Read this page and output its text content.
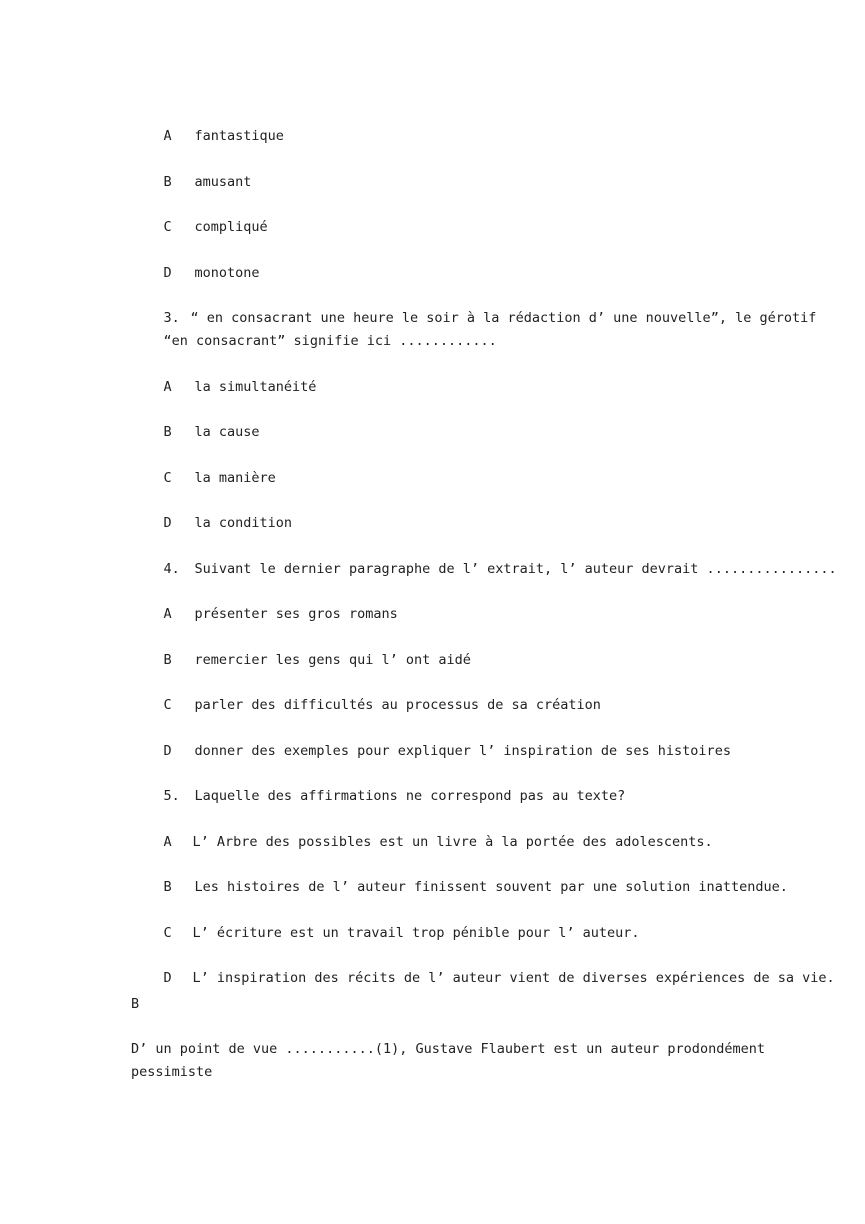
A fantastique

B amusant

C compliqué

D monotone

3. “ en consacrant une heure le soir à la rédaction d’ une nouvelle”, le gérotif

“en consacrant” signifie ici ............

A la simultanéité

B la cause

C la manière

D la condition

4. Suivant le dernier paragraphe de l’ extrait, l’ auteur devrait ................

A présenter ses gros romans

B remercier les gens qui l’ ont aidé

C parler des difficultés au processus de sa création

D donner des exemples pour expliquer l’ inspiration de ses histoires

5. Laquelle des affirmations ne correspond pas au texte?

A L’ Arbre des possibles est un livre à la portée des adolescents.

B Les histoires de l’ auteur finissent souvent par une solution inattendue.

C L’ écriture est un travail trop pénible pour l’ auteur.

D L’ inspiration des récits de l’ auteur vient de diverses expériences de sa vie.

B
D’ un point de vue ...........(1), Gustave Flaubert est un auteur prodondément
pessimiste
